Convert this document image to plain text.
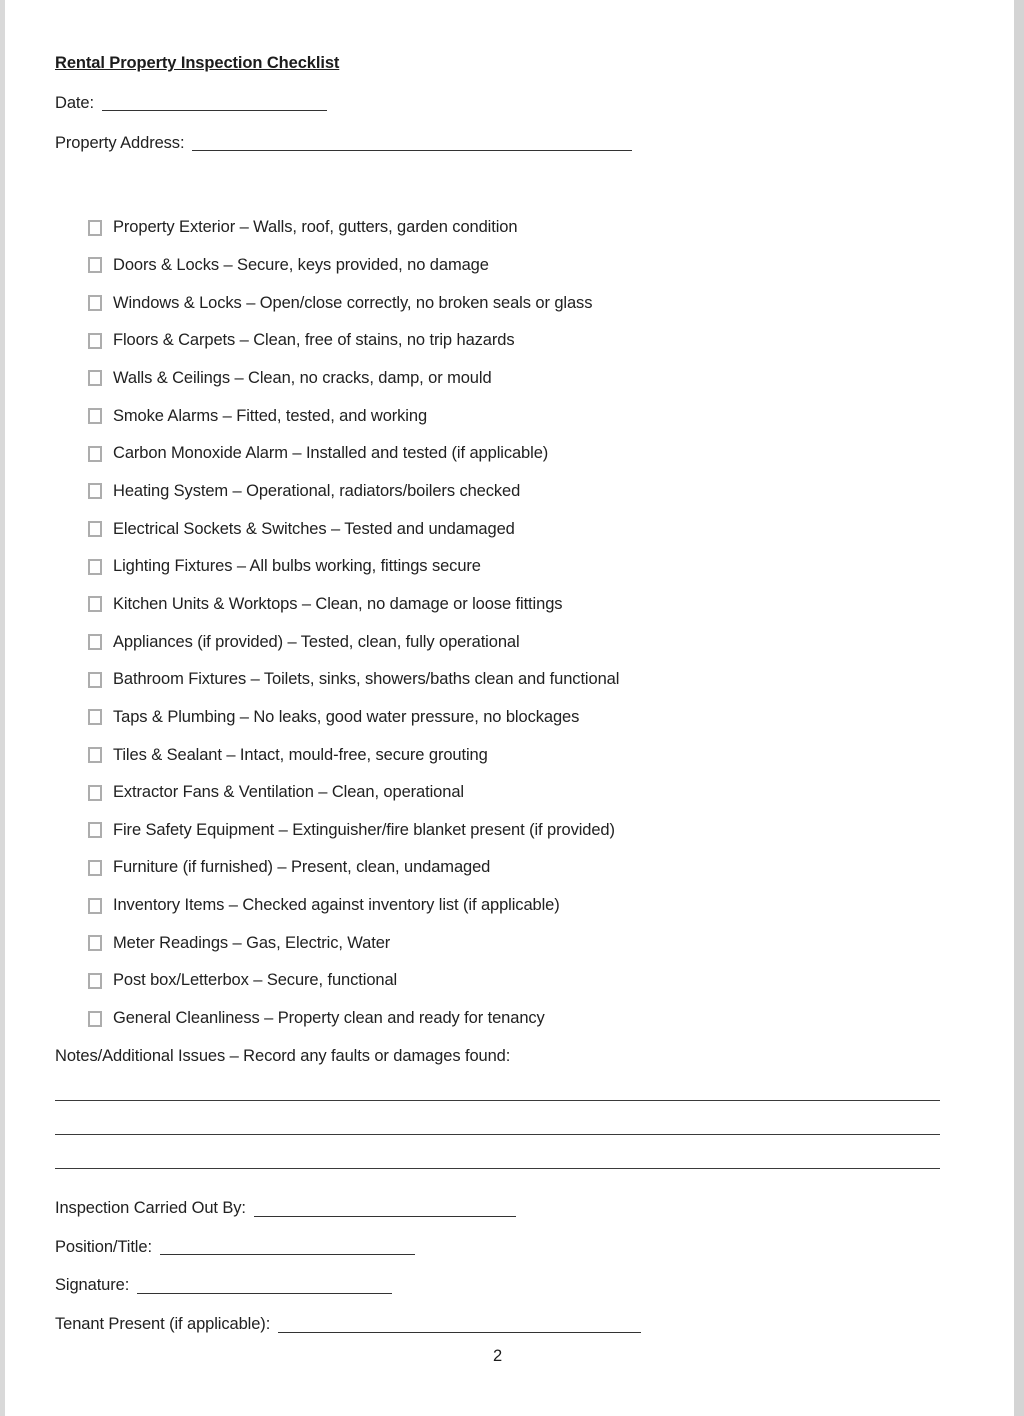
Rental Property Inspection Checklist
Date:
Property Address:
Property Exterior – Walls, roof, gutters, garden condition
Doors & Locks – Secure, keys provided, no damage
Windows & Locks – Open/close correctly, no broken seals or glass
Floors & Carpets – Clean, free of stains, no trip hazards
Walls & Ceilings – Clean, no cracks, damp, or mould
Smoke Alarms – Fitted, tested, and working
Carbon Monoxide Alarm – Installed and tested (if applicable)
Heating System – Operational, radiators/boilers checked
Electrical Sockets & Switches – Tested and undamaged
Lighting Fixtures – All bulbs working, fittings secure
Kitchen Units & Worktops – Clean, no damage or loose fittings
Appliances (if provided) – Tested, clean, fully operational
Bathroom Fixtures – Toilets, sinks, showers/baths clean and functional
Taps & Plumbing – No leaks, good water pressure, no blockages
Tiles & Sealant – Intact, mould-free, secure grouting
Extractor Fans & Ventilation – Clean, operational
Fire Safety Equipment – Extinguisher/fire blanket present (if provided)
Furniture (if furnished) – Present, clean, undamaged
Inventory Items – Checked against inventory list (if applicable)
Meter Readings – Gas, Electric, Water
Post box/Letterbox – Secure, functional
General Cleanliness – Property clean and ready for tenancy
Notes/Additional Issues – Record any faults or damages found:
Inspection Carried Out By:
Position/Title:
Signature:
Tenant Present (if applicable):
2
